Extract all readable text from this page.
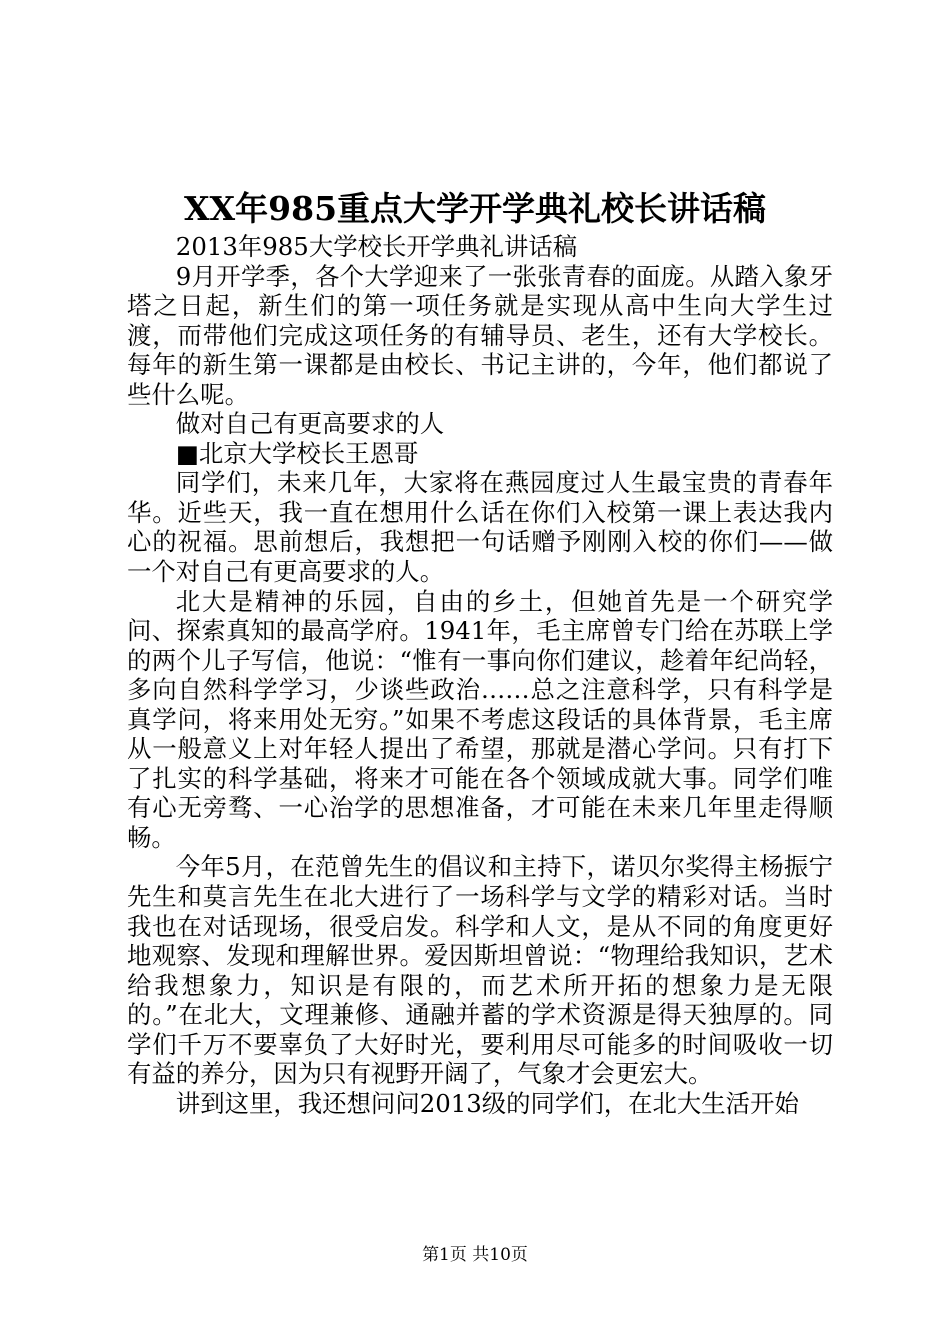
XX年985重点大学开学典礼校长讲话稿

2013年985大学校长开学典礼讲话稿

9月开学季，各个大学迎来了一张张青春的面庞。从踏入象牙塔之日起，新生们的第一项任务就是实现从高中生向大学生过渡，而带他们完成这项任务的有辅导员、老生，还有大学校长。每年的新生第一课都是由校长、书记主讲的，今年，他们都说了些什么呢。

做对自己有更高要求的人

■北京大学校长王恩哥

同学们，未来几年，大家将在燕园度过人生最宝贵的青春年华。近些天，我一直在想用什么话在你们入校第一课上表达我内心的祝福。思前想后，我想把一句话赠予刚刚入校的你们——做一个对自己有更高要求的人。

北大是精神的乐园，自由的乡土，但她首先是一个研究学问、探索真知的最高学府。1941年，毛主席曾专门给在苏联上学的两个儿子写信，他说：“惟有一事向你们建议，趁着年纪尚轻，多向自然科学学习，少谈些政治……总之注意科学，只有科学是真学问，将来用处无穷。”如果不考虑这段话的具体背景，毛主席从一般意义上对年轻人提出了希望，那就是潜心学问。只有打下了扎实的科学基础，将来才可能在各个领域成就大事。同学们唯有心无旁骛、一心治学的思想准备，才可能在未来几年里走得顺畅。

今年5月，在范曾先生的倡议和主持下，诺贝尔奖得主杨振宁先生和莫言先生在北大进行了一场科学与文学的精彩对话。当时我也在对话现场，很受启发。科学和人文，是从不同的角度更好地观察、发现和理解世界。爱因斯坦曾说：“物理给我知识，艺术给我想象力，知识是有限的，而艺术所开拓的想象力是无限的。”在北大，文理兼修、通融并蓄的学术资源是得天独厚的。同学们千万不要辜负了大好时光，要利用尽可能多的时间吸收一切有益的养分，因为只有视野开阔了，气象才会更宏大。

讲到这里，我还想问问2013级的同学们，在北大生活开始

第1页 共10页
